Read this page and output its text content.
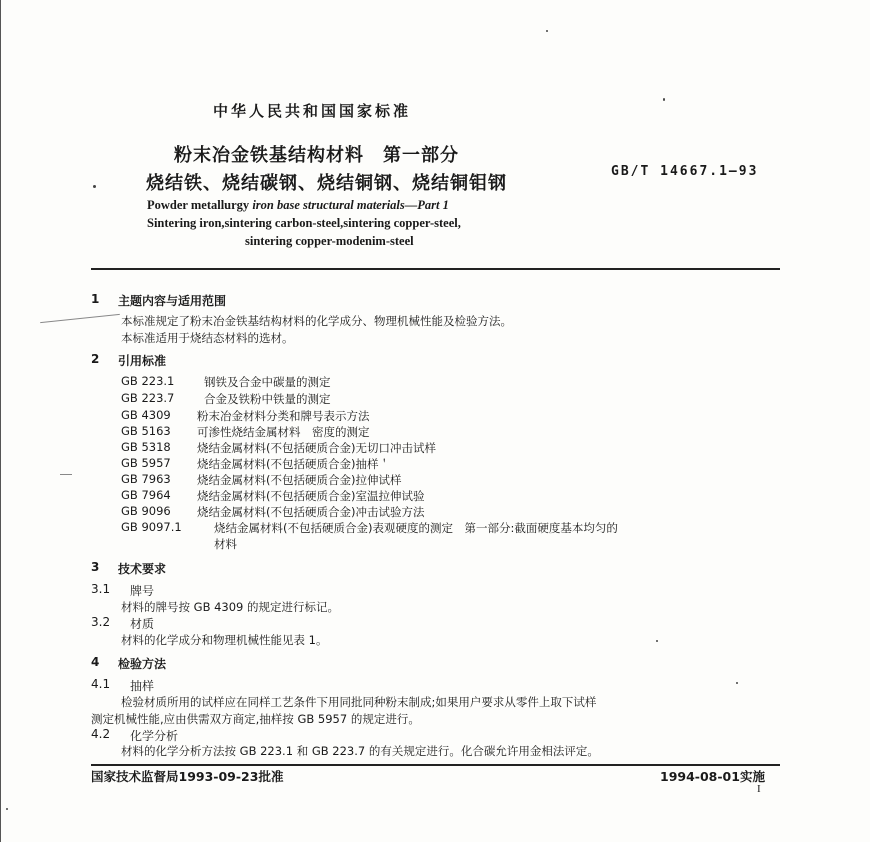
中华人民共和国国家标准
粉末冶金铁基结构材料　第一部分
烧结铁、烧结碳钢、烧结铜钢、烧结铜钼钢
GB/T 14667.1—93
Powder metallurgy iron base structural materials—Part 1
Sintering iron,sintering carbon-steel,sintering copper-steel,
sintering copper-modenim-steel
1 主题内容与适用范围
本标准规定了粉末冶金铁基结构材料的化学成分、物理机械性能及检验方法。
本标准适用于烧结态材料的选材。
2 引用标准
GB 223.1	钢铁及合金中碳量的测定
GB 223.7	合金及铁粉中铁量的测定
GB 4309 粉末冶金材料分类和牌号表示方法
GB 5163 可渗性烧结金属材料　密度的测定
GB 5318 烧结金属材料(不包括硬质合金)无切口冲击试样
GB 5957 烧结金属材料(不包括硬质合金)抽样＇
GB 7963 烧结金属材料(不包括硬质合金)拉伸试样
GB 7964 烧结金属材料(不包括硬质合金)室温拉伸试验
GB 9096 烧结金属材料(不包括硬质合金)冲击试验方法
GB 9097.1	烧结金属材料(不包括硬质合金)表观硬度的测定　第一部分:截面硬度基本均匀的
材料
3 技术要求
3.1 牌号
材料的牌号按 GB 4309 的规定进行标记。
3.2 材质
材料的化学成分和物理机械性能见表 1。
4 检验方法
4.1 抽样
检验材质所用的试样应在同样工艺条件下用同批同种粉末制成;如果用户要求从零件上取下试样
测定机械性能,应由供需双方商定,抽样按 GB 5957 的规定进行。
4.2 化学分析
材料的化学分析方法按 GB 223.1 和 GB 223.7 的有关规定进行。化合碳允许用金相法评定。
国家技术监督局1993-09-23批准	1994-08-01实施
I
